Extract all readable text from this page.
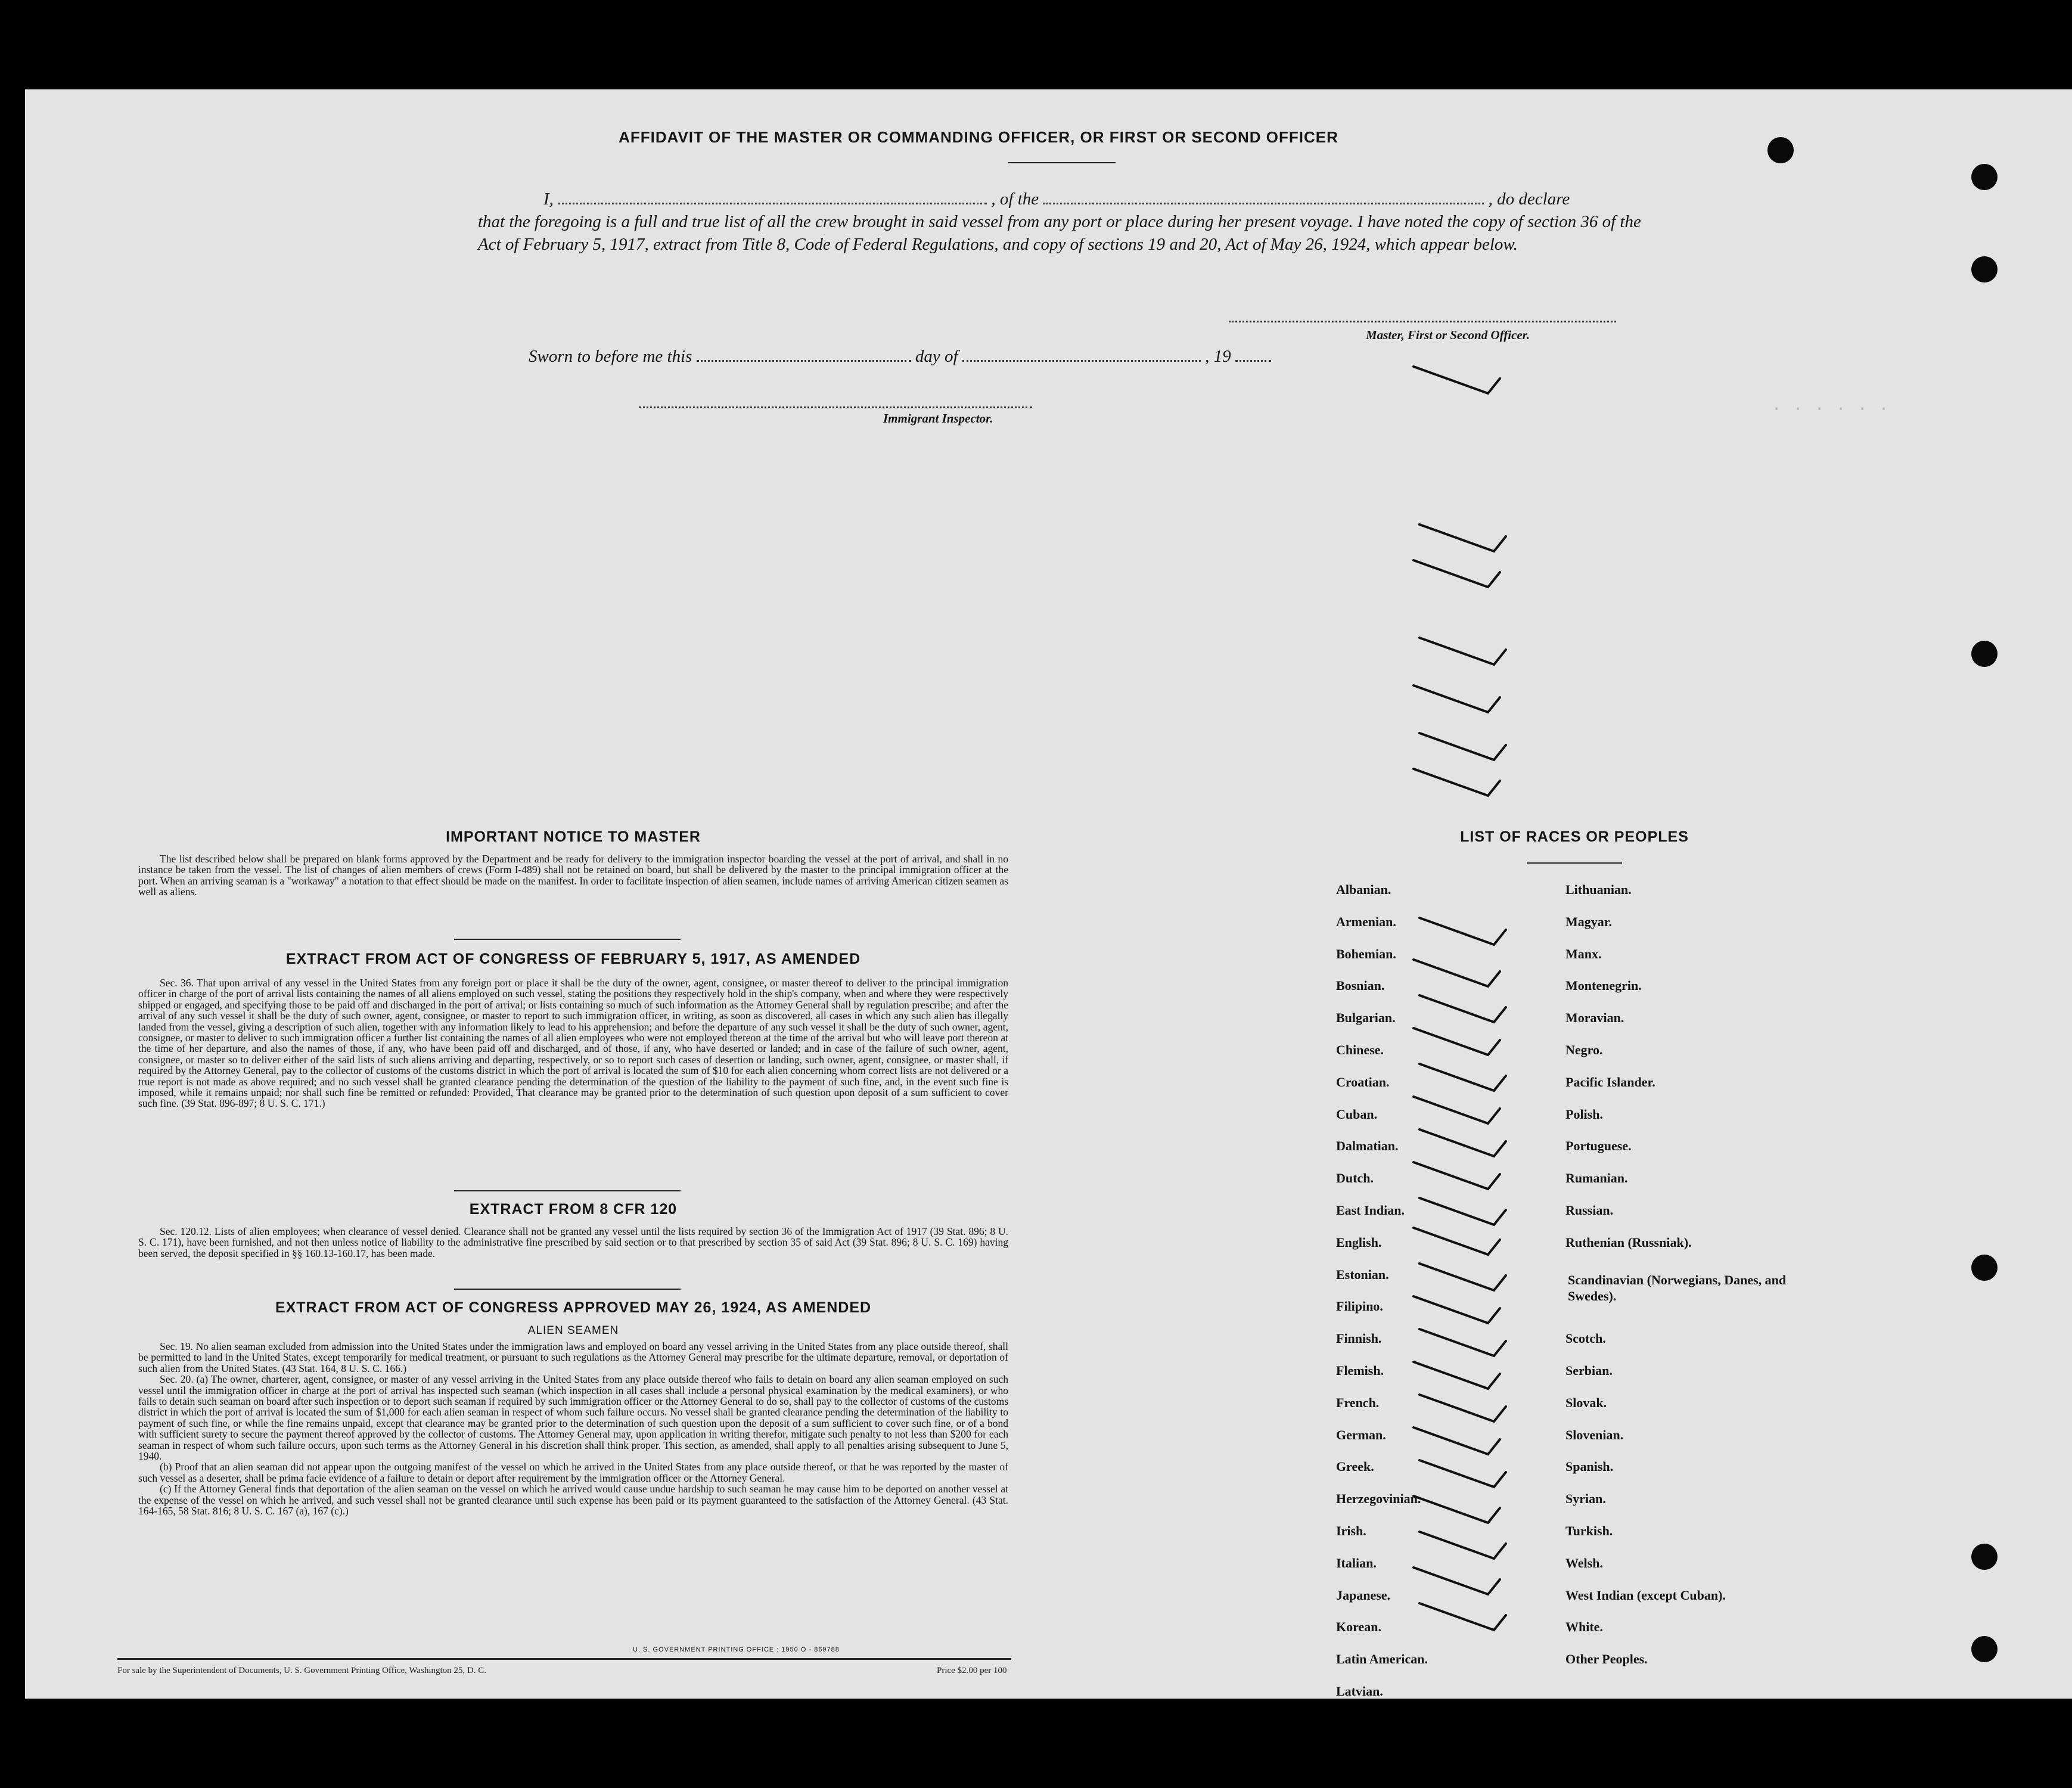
· · · · · ·
AFFIDAVIT OF THE MASTER OR COMMANDING OFFICER, OR FIRST OR SECOND OFFICER
I,	, of the	, do declare
that the foregoing is a full and true list of all the crew brought in said vessel from any port or place during her present voyage. I have noted the copy of section 36 of the Act of February 5, 1917, extract from Title 8, Code of Federal Regulations, and copy of sections 19 and 20, Act of May 26, 1924, which appear below.
Master, First or Second Officer.
Sworn to before me this	day of	, 19
Immigrant Inspector.
IMPORTANT NOTICE TO MASTER
The list described below shall be prepared on blank forms approved by the Department and be ready for delivery to the immigration inspector boarding the vessel at the port of arrival, and shall in no instance be taken from the vessel. The list of changes of alien members of crews (Form I-489) shall not be retained on board, but shall be delivered by the master to the principal immigration officer at the port. When an arriving seaman is a "workaway" a notation to that effect should be made on the manifest. In order to facilitate inspection of alien seamen, include names of arriving American citizen seamen as well as aliens.
EXTRACT FROM ACT OF CONGRESS OF FEBRUARY 5, 1917, AS AMENDED
Sec. 36. That upon arrival of any vessel in the United States from any foreign port or place it shall be the duty of the owner, agent, consignee, or master thereof to deliver to the principal immigration officer in charge of the port of arrival lists containing the names of all aliens employed on such vessel, stating the positions they respectively hold in the ship's company, when and where they were respectively shipped or engaged, and specifying those to be paid off and discharged in the port of arrival; or lists containing so much of such information as the Attorney General shall by regulation prescribe; and after the arrival of any such vessel it shall be the duty of such owner, agent, consignee, or master to report to such immigration officer, in writing, as soon as discovered, all cases in which any such alien has illegally landed from the vessel, giving a description of such alien, together with any information likely to lead to his apprehension; and before the departure of any such vessel it shall be the duty of such owner, agent, consignee, or master to deliver to such immigration officer a further list containing the names of all alien employees who were not employed thereon at the time of the arrival but who will leave port thereon at the time of her departure, and also the names of those, if any, who have been paid off and discharged, and of those, if any, who have deserted or landed; and in case of the failure of such owner, agent, consignee, or master so to deliver either of the said lists of such aliens arriving and departing, respectively, or so to report such cases of desertion or landing, such owner, agent, consignee, or master shall, if required by the Attorney General, pay to the collector of customs of the customs district in which the port of arrival is located the sum of $10 for each alien concerning whom correct lists are not delivered or a true report is not made as above required; and no such vessel shall be granted clearance pending the determination of the question of the liability to the payment of such fine, and, in the event such fine is imposed, while it remains unpaid; nor shall such fine be remitted or refunded: Provided, That clearance may be granted prior to the determination of such question upon deposit of a sum sufficient to cover such fine. (39 Stat. 896-897; 8 U. S. C. 171.)
EXTRACT FROM 8 CFR 120
Sec. 120.12. Lists of alien employees; when clearance of vessel denied. Clearance shall not be granted any vessel until the lists required by section 36 of the Immigration Act of 1917 (39 Stat. 896; 8 U. S. C. 171), have been furnished, and not then unless notice of liability to the administrative fine prescribed by said section or to that prescribed by section 35 of said Act (39 Stat. 896; 8 U. S. C. 169) having been served, the deposit specified in §§ 160.13-160.17, has been made.
EXTRACT FROM ACT OF CONGRESS APPROVED MAY 26, 1924, AS AMENDED
ALIEN SEAMEN

Sec. 19. No alien seaman excluded from admission into the United States under the immigration laws and employed on board any vessel arriving in the United States from any place outside thereof, shall be permitted to land in the United States, except temporarily for medical treatment, or pursuant to such regulations as the Attorney General may prescribe for the ultimate departure, removal, or deportation of such alien from the United States. (43 Stat. 164, 8 U. S. C. 166.)

Sec. 20. (a) The owner, charterer, agent, consignee, or master of any vessel arriving in the United States from any place outside thereof who fails to detain on board any alien seaman employed on such vessel until the immigration officer in charge at the port of arrival has inspected such seaman (which inspection in all cases shall include a personal physical examination by the medical examiners), or who fails to detain such seaman on board after such inspection or to deport such seaman if required by such immigration officer or the Attorney General to do so, shall pay to the collector of customs of the customs district in which the port of arrival is located the sum of $1,000 for each alien seaman in respect of whom such failure occurs. No vessel shall be granted clearance pending the determination of the liability to payment of such fine, or while the fine remains unpaid, except that clearance may be granted prior to the determination of such question upon the deposit of a sum sufficient to cover such fine, or of a bond with sufficient surety to secure the payment thereof approved by the collector of customs. The Attorney General may, upon application in writing therefor, mitigate such penalty to not less than $200 for each seaman in respect of whom such failure occurs, upon such terms as the Attorney General in his discretion shall think proper. This section, as amended, shall apply to all penalties arising subsequent to June 5, 1940.

(b) Proof that an alien seaman did not appear upon the outgoing manifest of the vessel on which he arrived in the United States from any place outside thereof, or that he was reported by the master of such vessel as a deserter, shall be prima facie evidence of a failure to detain or deport after requirement by the immigration officer or the Attorney General.

(c) If the Attorney General finds that deportation of the alien seaman on the vessel on which he arrived would cause undue hardship to such seaman he may cause him to be deported on another vessel at the expense of the vessel on which he arrived, and such vessel shall not be granted clearance until such expense has been paid or its payment guaranteed to the satisfaction of the Attorney General. (43 Stat. 164-165, 58 Stat. 816; 8 U. S. C. 167 (a), 167 (c).)

U. S. GOVERNMENT PRINTING OFFICE : 1950 O - 869788
For sale by the Superintendent of Documents, U. S. Government Printing Office, Washington 25, D. C.	Price $2.00 per 100
LIST OF RACES OR PEOPLES
Albanian.
Armenian.
Bohemian.
Bosnian.
Bulgarian.
Chinese.
Croatian.
Cuban.
Dalmatian.
Dutch.
East Indian.
English.
Estonian.
Filipino.
Finnish.
Flemish.
French.
German.
Greek.
Herzegovinian.
Irish.
Italian.
Japanese.
Korean.
Latin American.
Latvian.
Lithuanian.
Magyar.
Manx.
Montenegrin.
Moravian.
Negro.
Pacific Islander.
Polish.
Portuguese.
Rumanian.
Russian.
Ruthenian (Russniak).
Scandinavian (Norwegians, Danes, and Swedes).
Scotch.
Serbian.
Slovak.
Slovenian.
Spanish.
Syrian.
Turkish.
Welsh.
West Indian (except Cuban).
White.
Other Peoples.
